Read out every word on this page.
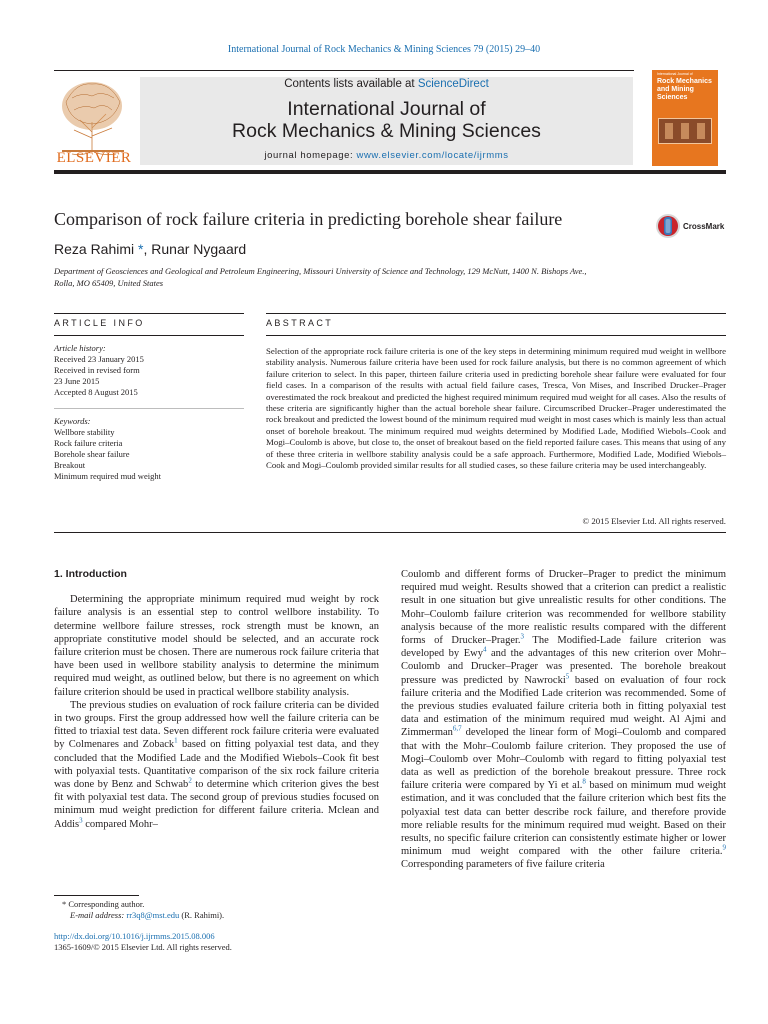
International Journal of Rock Mechanics & Mining Sciences 79 (2015) 29–40
ELSEVIER
Contents lists available at ScienceDirect
International Journal of
Rock Mechanics & Mining Sciences
journal homepage: www.elsevier.com/locate/ijrmms
International Journal of
Rock Mechanics and Mining Sciences
Comparison of rock failure criteria in predicting borehole shear failure	CrossMark
Reza Rahimi *, Runar Nygaard
Department of Geosciences and Geological and Petroleum Engineering, Missouri University of Science and Technology, 129 McNutt, 1400 N. Bishops Ave.,
Rolla, MO 65409, United States
ARTICLE INFO	ABSTRACT
Article history:
Received 23 January 2015
Received in revised form
23 June 2015
Accepted 8 August 2015
Keywords:
Wellbore stability
Rock failure criteria
Borehole shear failure
Breakout
Minimum required mud weight
Selection of the appropriate rock failure criteria is one of the key steps in determining minimum required mud weight in wellbore stability analysis. Numerous failure criteria have been used for rock failure analysis, but there is no common agreement of which failure criterion to select. In this paper, thirteen failure criteria used in predicting borehole shear failure were evaluated for four field cases. In a comparison of the results with actual field failure cases, Tresca, Von Mises, and Inscribed Drucker–Prager overestimated the rock breakout and predicted the highest required minimum required mud weight for all cases. Also the results of these criteria are significantly higher than the actual borehole shear failure. Circumscribed Drucker–Prager underestimated the rock breakout and predicted the lowest bound of the minimum required mud weight in most cases which is mainly less than actual onset of borehole breakout. The minimum required mud weights determined by Modified Lade, Modified Wiebols–Cook and Mogi–Coulomb is above, but close to, the onset of breakout based on the field reported failure cases. This means that using of any of these three criteria in wellbore stability analysis could be a safe approach. Furthermore, Modified Lade, Modified Wiebols–Cook and Mogi–Coulomb provided similar results for all studied cases, so these failure criteria may be used interchangeably.
© 2015 Elsevier Ltd. All rights reserved.
1. Introduction

Determining the appropriate minimum required mud weight by rock failure analysis is an essential step to control wellbore instability. To determine wellbore failure stresses, rock strength must be known, an appropriate constitutive model should be selected, and an accurate rock failure criterion must be chosen. There are numerous rock failure criteria that have been used in wellbore stability analysis to determine the minimum required mud weight, as outlined below, but there is no agreement on which failure criterion should be used in practical wellbore stability analysis.

The previous studies on evaluation of rock failure criteria can be divided in two groups. First the group addressed how well the failure criteria can be fitted to triaxial test data. Seven different rock failure criteria were evaluated by Colmenares and Zoback$^1$ based on fitting polyaxial test data, and they concluded that the Modified Lade and the Modified Wiebols–Cook fit best with polyaxial tests. Quantitative comparison of the six rock failure criteria was done by Benz and Schwab$^2$ to determine which criterion gives the best fit with polyaxial test data. The second group of previous studies focused on minimum mud weight prediction for different failure criteria. Mclean and Addis$^3$ compared Mohr–

Coulomb and different forms of Drucker–Prager to predict the minimum required mud weight. Results showed that a criterion can predict a realistic result in one situation but give unrealistic results for other conditions. The Mohr–Coulomb failure criterion was recommended for wellbore stability analysis because of the more realistic results compared with the different forms of Drucker–Prager.$^3$ The Modified-Lade failure criterion was developed by Ewy$^4$ and the advantages of this new criterion over Mohr–Coulomb and Drucker–Prager was presented. The borehole breakout pressure was predicted by Nawrocki$^5$ based on evaluation of four rock failure criteria and the Modified Lade criterion was recommended. Some of the previous studies evaluated failure criteria both in fitting polyaxial test data and estimation of the minimum required mud weight. Al Ajmi and Zimmerman$^{6,7}$ developed the linear form of Mogi–Coulomb and compared that with the Mohr–Coulomb failure criterion. They proposed the use of Mogi–Coulomb over Mohr–Coulomb with regard to fitting polyaxial test data as well as prediction of the borehole breakout pressure. Three rock failure criteria were compared by Yi et al.$^8$ based on minimum mud weight estimation, and it was concluded that the failure criterion which best fits the polyaxial test data can better describe rock failure, and therefore provide more reliable results for the minimum required mud weight. Based on their results, no specific failure criterion can consistently estimate higher or lower minimum mud weight compared with the other failure criteria.$^9$ Corresponding parameters of five failure criteria

* Corresponding author.
E-mail address: rr3q8@mst.edu (R. Rahimi).
http://dx.doi.org/10.1016/j.ijrmms.2015.08.006
1365-1609/© 2015 Elsevier Ltd. All rights reserved.
